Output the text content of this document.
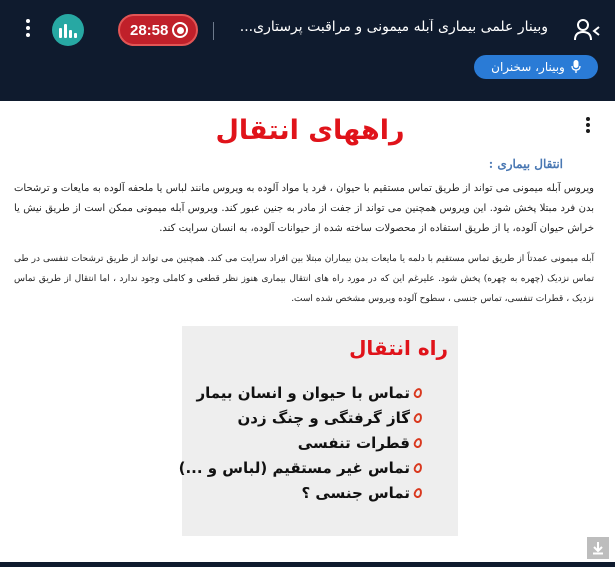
28:58	وبینار علمی بیماری آبله میمونی و مراقبت پرستاری...
وبینار، سخنران
راههای انتقال
انتقال بیماری :

ویروس آبله میمونی می تواند از طریق تماس مستقیم با حیوان ، فرد یا مواد آلوده به ویروس مانند لباس یا ملحفه آلوده به مایعات و ترشحات بدن فرد مبتلا پخش شود. این ویروس همچنین می تواند از جفت از مادر به جنین عبور کند. ویروس آبله میمونی ممکن است از طریق نیش یا خراش حیوان آلوده، یا از طریق استفاده از محصولات ساخته شده از حیوانات آلوده، به انسان سرایت کند.

آبله میمونی عمدتاً از طریق تماس مستقیم با دلمه یا مایعات بدن بیماران مبتلا بین افراد سرایت می کند. همچنین می تواند از طریق ترشحات تنفسی در طی تماس نزدیک (چهره به چهره) پخش شود. علیرغم این که در مورد راه های انتقال بیماری هنوز نظر قطعی و کاملی وجود ندارد ، اما انتقال از طریق تماس نزدیک ، قطرات تنفسی، تماس جنسی ، سطوح آلوده ویروس مشخص شده است.

راه انتقال
تماس با حیوان و انسان بیمار
گاز گرفتگی و چنگ زدن
قطرات تنفسی
تماس غیر مستقیم (لباس و ...)
تماس جنسی ؟
